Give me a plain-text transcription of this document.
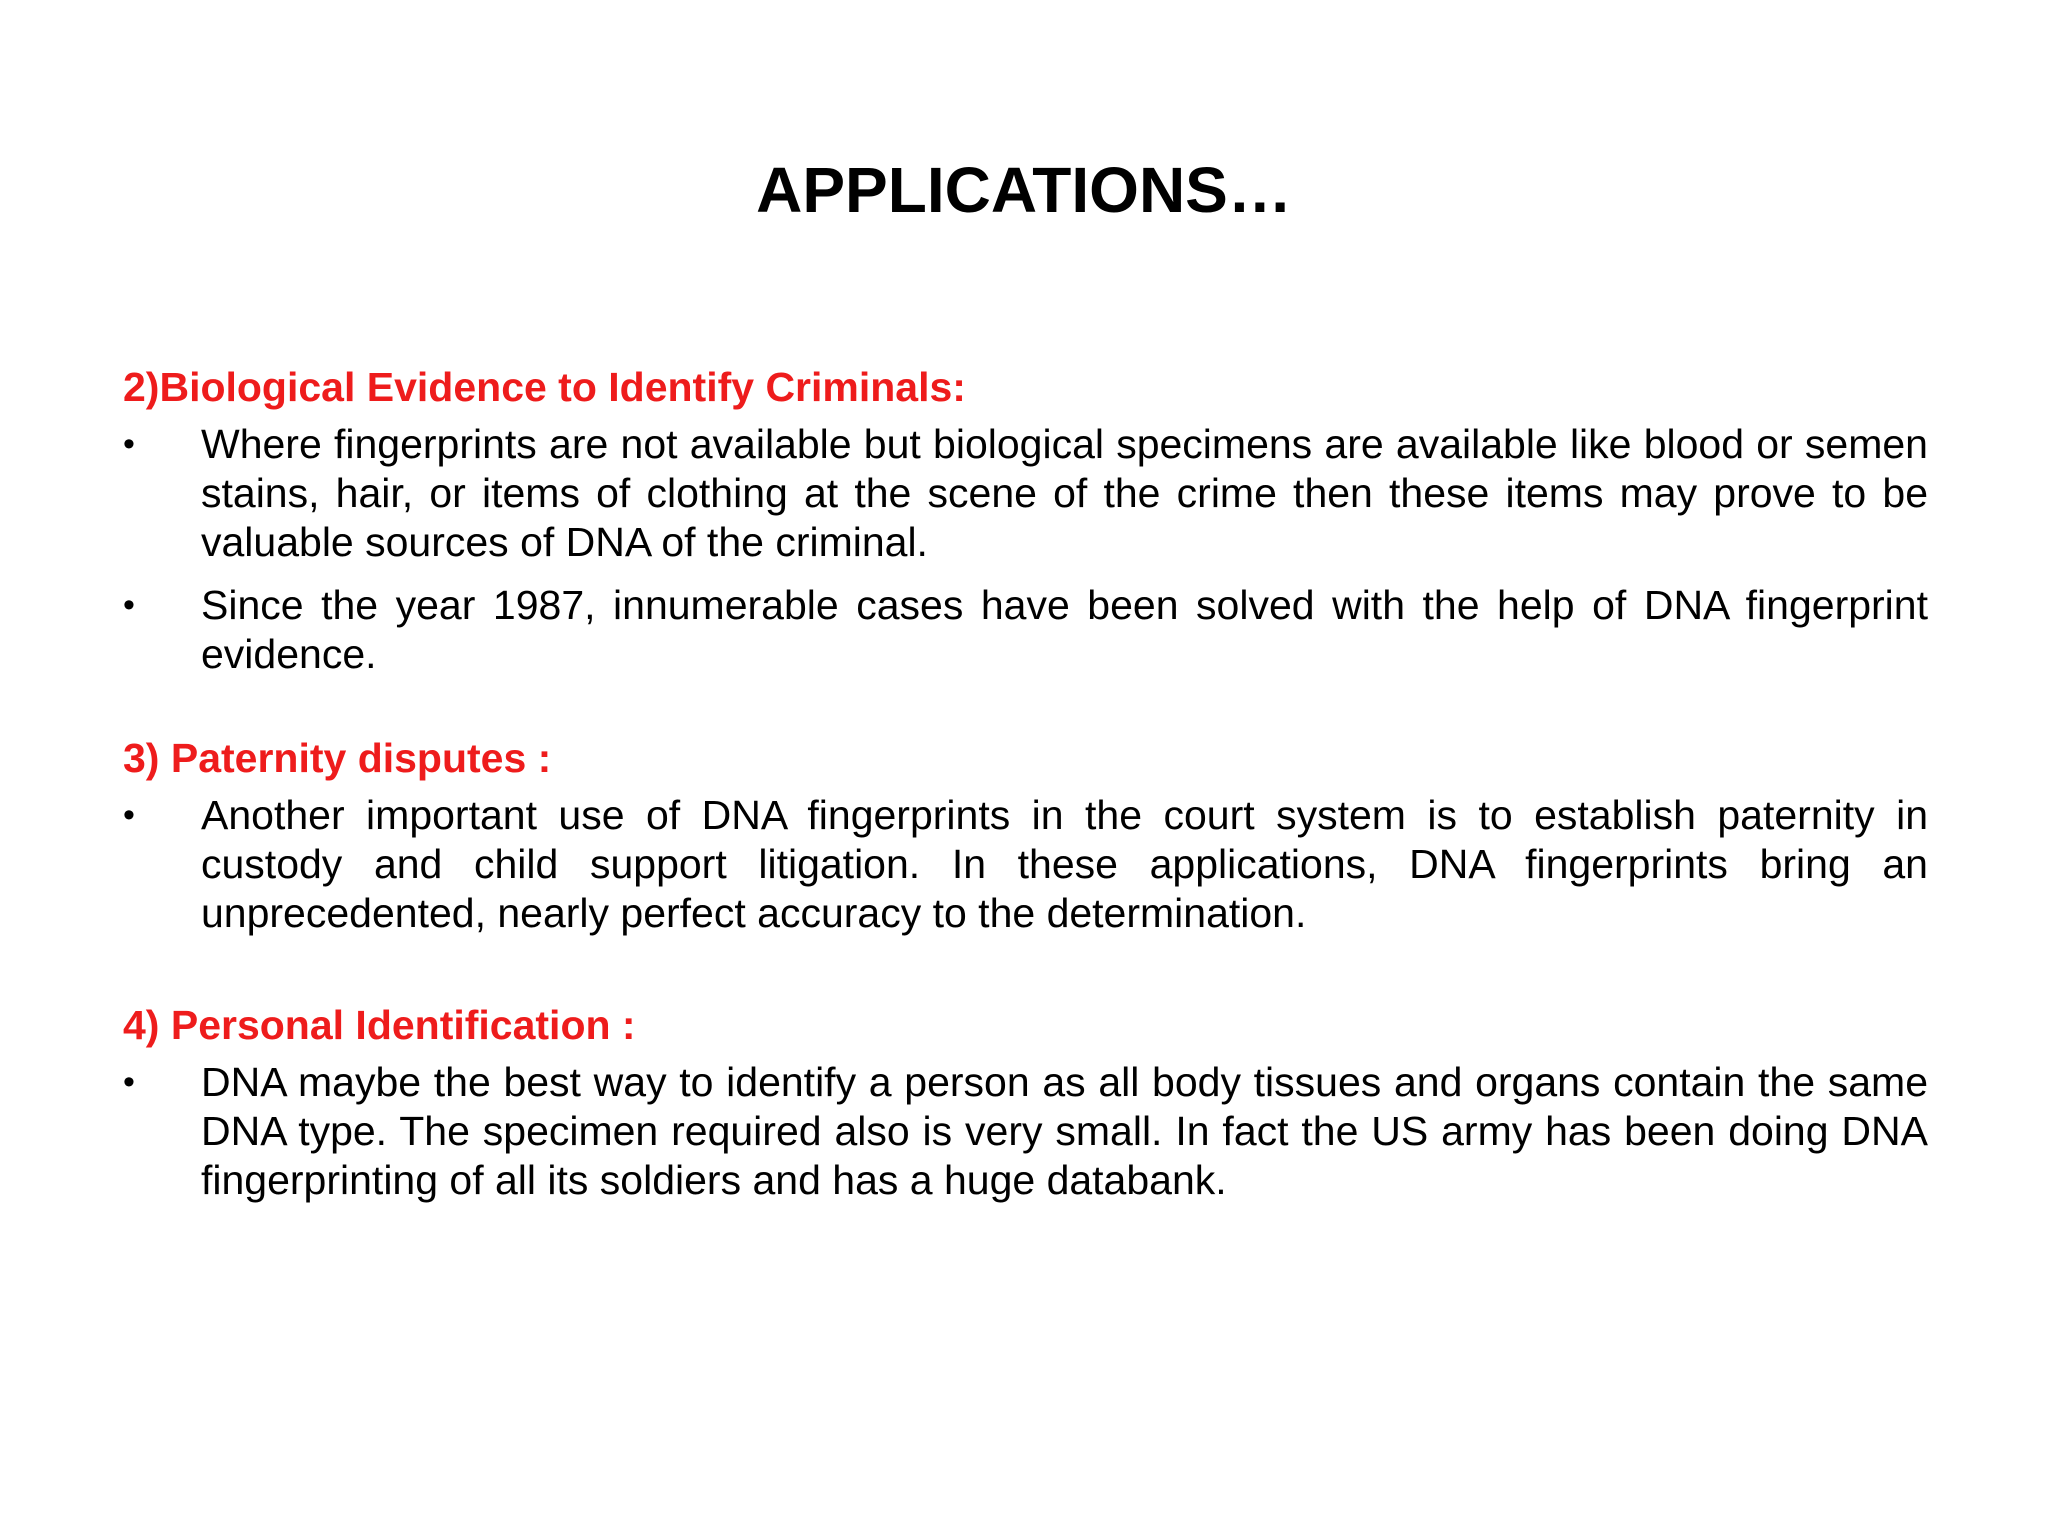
APPLICATIONS…

2)Biological Evidence to Identify Criminals:

•	Where fingerprints are not available but biological specimens are available like blood or semen stains, hair, or items of clothing at the scene of the crime then these items may prove to be valuable sources of DNA of the criminal.
•	Since the year 1987, innumerable cases have been solved with the help of DNA fingerprint evidence.

3) Paternity disputes :

•	Another important use of DNA fingerprints in the court system is to establish paternity in custody and child support litigation. In these applications, DNA fingerprints bring an unprecedented, nearly perfect accuracy to the determination.

4) Personal Identification :

•	DNA maybe the best way to identify a person as all body tissues and organs contain the same DNA type. The specimen required also is very small. In fact the US army has been doing DNA fingerprinting of all its soldiers and has a huge databank.
